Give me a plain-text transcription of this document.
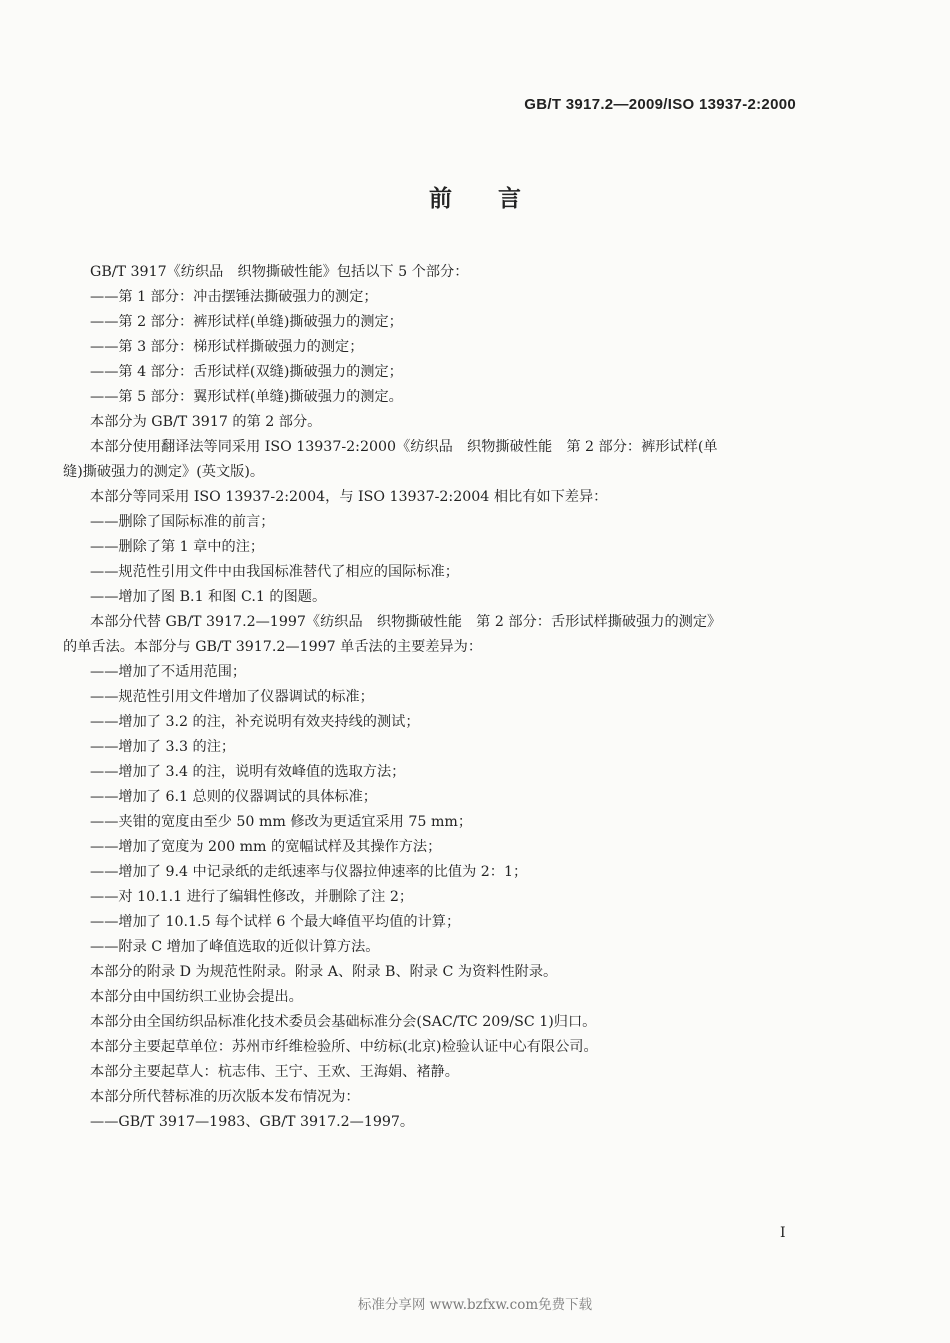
GB/T 3917.2—2009/ISO 13937-2:2000
前言
GB/T 3917《纺织品　织物撕破性能》包括以下 5 个部分：
——第 1 部分：冲击摆锤法撕破强力的测定；
——第 2 部分：裤形试样(单缝)撕破强力的测定；
——第 3 部分：梯形试样撕破强力的测定；
——第 4 部分：舌形试样(双缝)撕破强力的测定；
——第 5 部分：翼形试样(单缝)撕破强力的测定。
本部分为 GB/T 3917 的第 2 部分。
本部分使用翻译法等同采用 ISO 13937-2:2000《纺织品　织物撕破性能　第 2 部分：裤形试样(单
缝)撕破强力的测定》(英文版)。
本部分等同采用 ISO 13937-2:2004，与 ISO 13937-2:2004 相比有如下差异：
——删除了国际标准的前言；
——删除了第 1 章中的注；
——规范性引用文件中由我国标准替代了相应的国际标准；
——增加了图 B.1 和图 C.1 的图题。
本部分代替 GB/T 3917.2—1997《纺织品　织物撕破性能　第 2 部分：舌形试样撕破强力的测定》
的单舌法。本部分与 GB/T 3917.2—1997 单舌法的主要差异为：
——增加了不适用范围；
——规范性引用文件增加了仪器调试的标准；
——增加了 3.2 的注，补充说明有效夹持线的测试；
——增加了 3.3 的注；
——增加了 3.4 的注，说明有效峰值的选取方法；
——增加了 6.1 总则的仪器调试的具体标准；
——夹钳的宽度由至少 50 mm 修改为更适宜采用 75 mm；
——增加了宽度为 200 mm 的宽幅试样及其操作方法；
——增加了 9.4 中记录纸的走纸速率与仪器拉伸速率的比值为 2：1；
——对 10.1.1 进行了编辑性修改，并删除了注 2；
——增加了 10.1.5 每个试样 6 个最大峰值平均值的计算；
——附录 C 增加了峰值选取的近似计算方法。
本部分的附录 D 为规范性附录。附录 A、附录 B、附录 C 为资料性附录。
本部分由中国纺织工业协会提出。
本部分由全国纺织品标准化技术委员会基础标准分会(SAC/TC 209/SC 1)归口。
本部分主要起草单位：苏州市纤维检验所、中纺标(北京)检验认证中心有限公司。
本部分主要起草人：杭志伟、王宁、王欢、王海娟、褚静。
本部分所代替标准的历次版本发布情况为：
——GB/T 3917—1983、GB/T 3917.2—1997。
I
标准分享网 www.bzfxw.com免费下载
